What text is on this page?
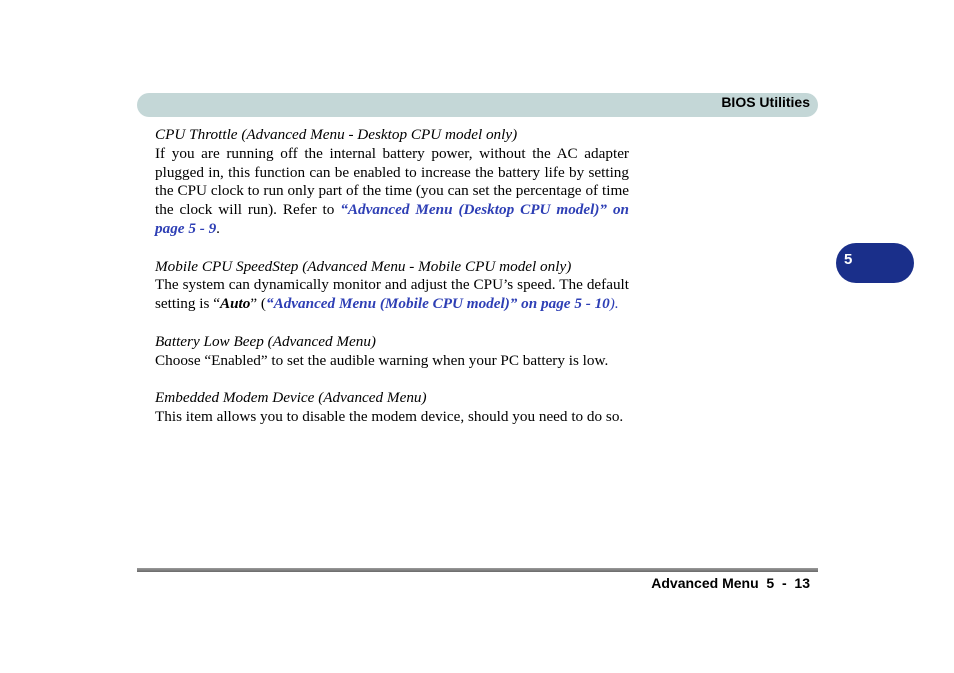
BIOS Utilities
5
CPU Throttle (Advanced Menu - Desktop CPU model only)
If you are running off the internal battery power, without the AC adapter plugged in, this function can be enabled to increase the battery life by setting the CPU clock to run only part of the time (you can set the percentage of time the clock will run). Refer to “Advanced Menu (Desktop CPU model)” on page 5 - 9.
Mobile CPU SpeedStep (Advanced Menu - Mobile CPU model only)
The system can dynamically monitor and adjust the CPU’s speed. The default setting is “Auto” (“Advanced Menu (Mobile CPU model)” on page 5 - 10).
Battery Low Beep (Advanced Menu)
Choose “Enabled” to set the audible warning when your PC battery is low.
Embedded Modem Device (Advanced Menu)
This item allows you to disable the modem device, should you need to do so.
Advanced Menu 5  -  13
